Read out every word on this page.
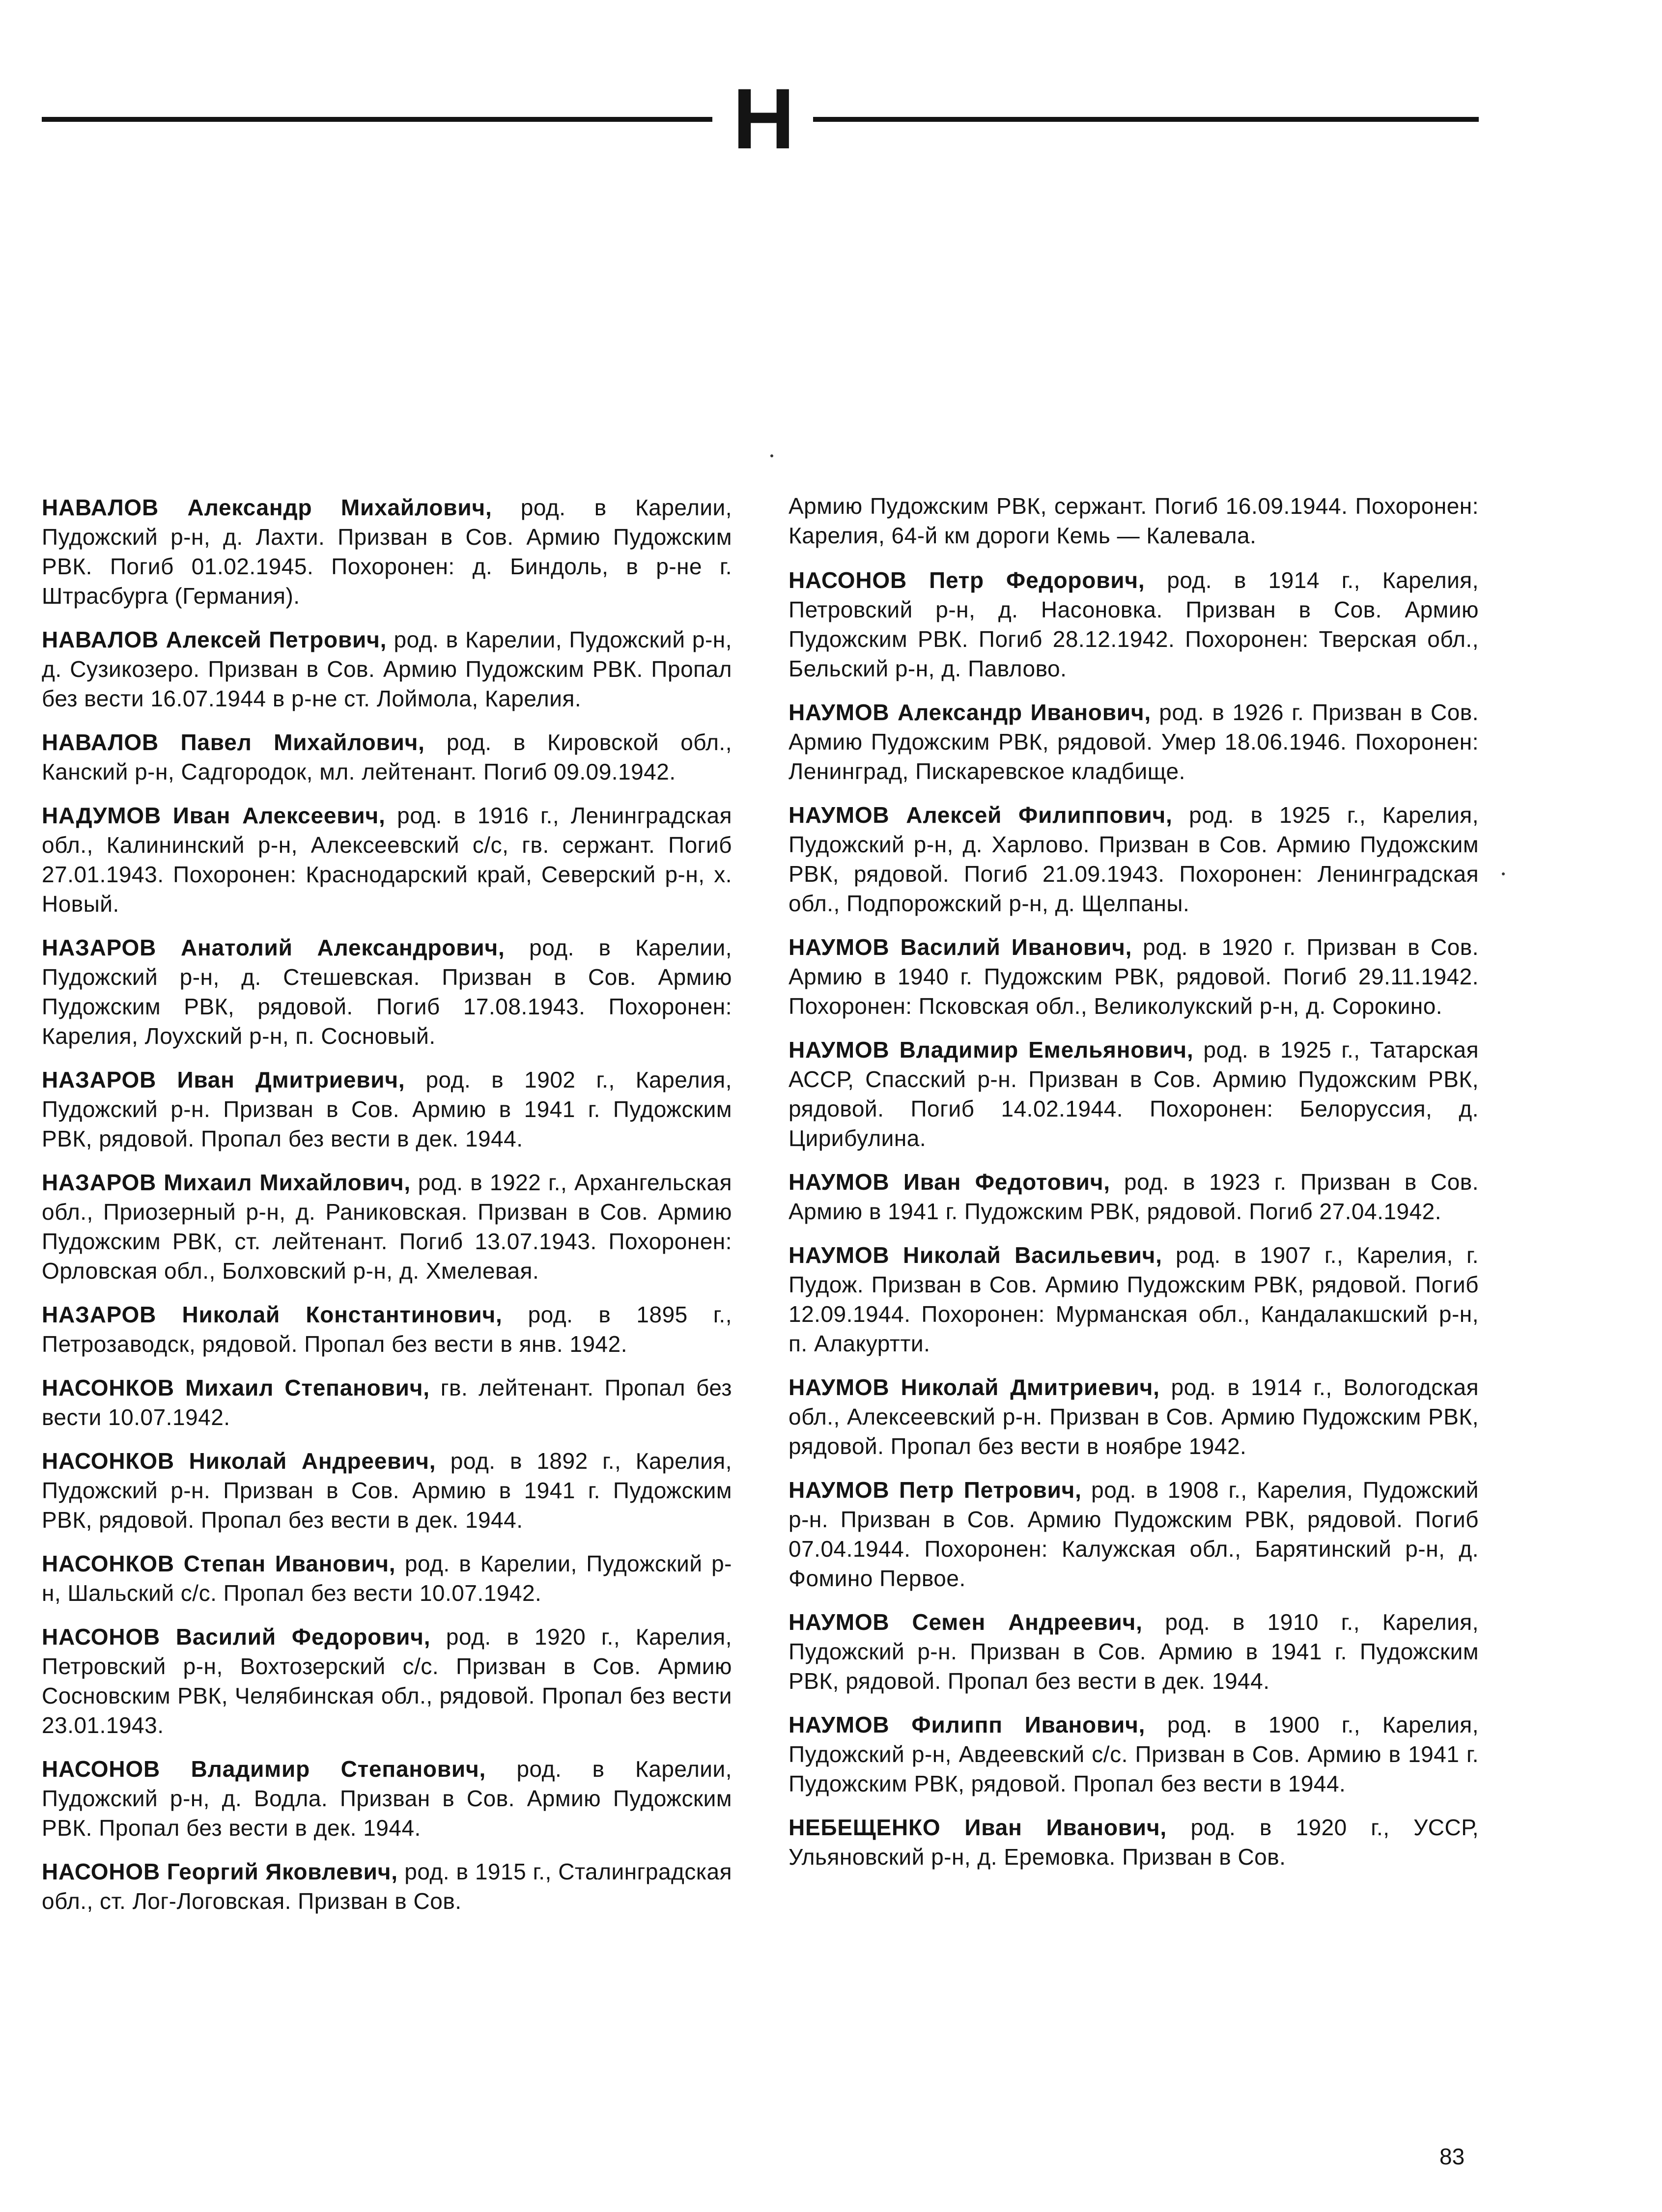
Н

НАВАЛОВ Александр Михайлович, род. в Карелии, Пудожский р-н, д. Лахти. Призван в Сов. Армию Пудожским РВК. Погиб 01.02.1945. Похоронен: д. Биндоль, в р-не г. Штрасбурга (Германия).

НАВАЛОВ Алексей Петрович, род. в Карелии, Пудожский р-н, д. Сузикозеро. Призван в Сов. Армию Пудожским РВК. Пропал без вести 16.07.1944 в р-не ст. Лоймола, Карелия.

НАВАЛОВ Павел Михайлович, род. в Кировской обл., Канский р-н, Садгородок, мл. лейтенант. Погиб 09.09.1942.

НАДУМОВ Иван Алексеевич, род. в 1916 г., Ленинградская обл., Калининский р-н, Алексеевский с/с, гв. сержант. Погиб 27.01.1943. Похоронен: Краснодарский край, Северский р-н, х. Новый.

НАЗАРОВ Анатолий Александрович, род. в Карелии, Пудожский р-н, д. Стешевская. Призван в Сов. Армию Пудожским РВК, рядовой. Погиб 17.08.1943. Похоронен: Карелия, Лоухский р-н, п. Сосновый.

НАЗАРОВ Иван Дмитриевич, род. в 1902 г., Карелия, Пудожский р-н. Призван в Сов. Армию в 1941 г. Пудожским РВК, рядовой. Пропал без вести в дек. 1944.

НАЗАРОВ Михаил Михайлович, род. в 1922 г., Архангельская обл., Приозерный р-н, д. Раниковская. Призван в Сов. Армию Пудожским РВК, ст. лейтенант. Погиб 13.07.1943. Похоронен: Орловская обл., Болховский р-н, д. Хмелевая.

НАЗАРОВ Николай Константинович, род. в 1895 г., Петрозаводск, рядовой. Пропал без вести в янв. 1942.

НАСОНКОВ Михаил Степанович, гв. лейтенант. Пропал без вести 10.07.1942.

НАСОНКОВ Николай Андреевич, род. в 1892 г., Карелия, Пудожский р-н. Призван в Сов. Армию в 1941 г. Пудожским РВК, рядовой. Пропал без вести в дек. 1944.

НАСОНКОВ Степан Иванович, род. в Карелии, Пудожский р-н, Шальский с/с. Пропал без вести 10.07.1942.

НАСОНОВ Василий Федорович, род. в 1920 г., Карелия, Петровский р-н, Вохтозерский с/с. Призван в Сов. Армию Сосновским РВК, Челябинская обл., рядовой. Пропал без вести 23.01.1943.

НАСОНОВ Владимир Степанович, род. в Карелии, Пудожский р-н, д. Водла. Призван в Сов. Армию Пудожским РВК. Пропал без вести в дек. 1944.

НАСОНОВ Георгий Яковлевич, род. в 1915 г., Сталинградская обл., ст. Лог-Логовская. Призван в Сов.

Армию Пудожским РВК, сержант. Погиб 16.09.1944. Похоронен: Карелия, 64-й км дороги Кемь — Калевала.

НАСОНОВ Петр Федорович, род. в 1914 г., Карелия, Петровский р-н, д. Насоновка. Призван в Сов. Армию Пудожским РВК. Погиб 28.12.1942. Похоронен: Тверская обл., Бельский р-н, д. Павлово.

НАУМОВ Александр Иванович, род. в 1926 г. Призван в Сов. Армию Пудожским РВК, рядовой. Умер 18.06.1946. Похоронен: Ленинград, Пискаревское кладбище.

НАУМОВ Алексей Филиппович, род. в 1925 г., Карелия, Пудожский р-н, д. Харлово. Призван в Сов. Армию Пудожским РВК, рядовой. Погиб 21.09.1943. Похоронен: Ленинградская обл., Подпорожский р-н, д. Щелпаны.

НАУМОВ Василий Иванович, род. в 1920 г. Призван в Сов. Армию в 1940 г. Пудожским РВК, рядовой. Погиб 29.11.1942. Похоронен: Псковская обл., Великолукский р-н, д. Сорокино.

НАУМОВ Владимир Емельянович, род. в 1925 г., Татарская АССР, Спасский р-н. Призван в Сов. Армию Пудожским РВК, рядовой. Погиб 14.02.1944. Похоронен: Белоруссия, д. Цирибулина.

НАУМОВ Иван Федотович, род. в 1923 г. Призван в Сов. Армию в 1941 г. Пудожским РВК, рядовой. Погиб 27.04.1942.

НАУМОВ Николай Васильевич, род. в 1907 г., Карелия, г. Пудож. Призван в Сов. Армию Пудожским РВК, рядовой. Погиб 12.09.1944. Похоронен: Мурманская обл., Кандалакшский р-н, п. Алакуртти.

НАУМОВ Николай Дмитриевич, род. в 1914 г., Вологодская обл., Алексеевский р-н. Призван в Сов. Армию Пудожским РВК, рядовой. Пропал без вести в ноябре 1942.

НАУМОВ Петр Петрович, род. в 1908 г., Карелия, Пудожский р-н. Призван в Сов. Армию Пудожским РВК, рядовой. Погиб 07.04.1944. Похоронен: Калужская обл., Барятинский р-н, д. Фомино Первое.

НАУМОВ Семен Андреевич, род. в 1910 г., Карелия, Пудожский р-н. Призван в Сов. Армию в 1941 г. Пудожским РВК, рядовой. Пропал без вести в дек. 1944.

НАУМОВ Филипп Иванович, род. в 1900 г., Карелия, Пудожский р-н, Авдеевский с/с. Призван в Сов. Армию в 1941 г. Пудожским РВК, рядовой. Пропал без вести в 1944.

НЕБЕЩЕНКО Иван Иванович, род. в 1920 г., УССР, Ульяновский р-н, д. Еремовка. Призван в Сов.

83
